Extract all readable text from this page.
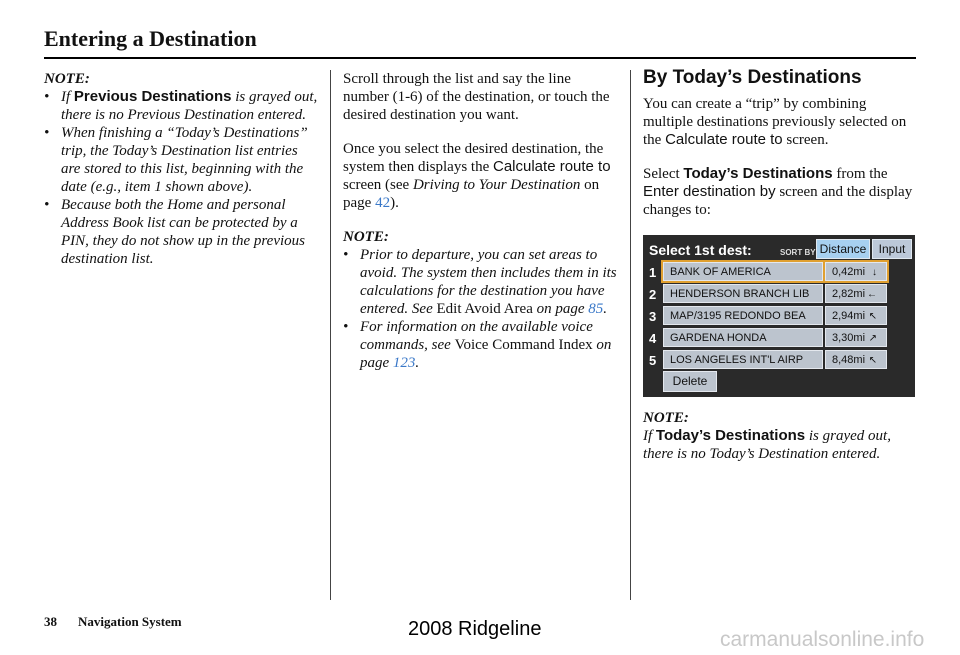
Entering a Destination
NOTE:
• If Previous Destinations is grayed out, there is no Previous Destination entered.
• When finishing a “Today’s Destinations” trip, the Today’s Destination list entries are stored to this list, beginning with the date (e.g., item 1 shown above).
• Because both the Home and personal Address Book list can be protected by a PIN, they do not show up in the previous destination list.

Scroll through the list and say the line number (1-6) of the destination, or touch the desired destination you want.

Once you select the desired destination, the system then displays the Calculate route to screen (see Driving to Your Destination on page 42).

NOTE:
• Prior to departure, you can set areas to avoid. The system then includes them in its calculations for the destination you have entered. See Edit Avoid Area on page 85.
• For information on the available voice commands, see Voice Command Index on page 123.
By Today’s Destinations

You can create a “trip” by combining multiple destinations previously selected on the Calculate route to screen.

Select Today’s Destinations from the Enter destination by screen and the display changes to:

Select 1st dest:	SORT BY Distance	Input
1	BANK OF AMERICA	0,42mi ↓
2	HENDERSON BRANCH LIB	2,82mi ←
3	MAP/3195 REDONDO BEA	2,94mi ↖
4	GARDENA HONDA	3,30mi ↗
5	LOS ANGELES INT'L AIRP	8,48mi ↖
Delete
NOTE:
If Today’s Destinations is grayed out, there is no Today’s Destination entered.
38 Navigation System	2008 Ridgeline	carmanualsonline.info
